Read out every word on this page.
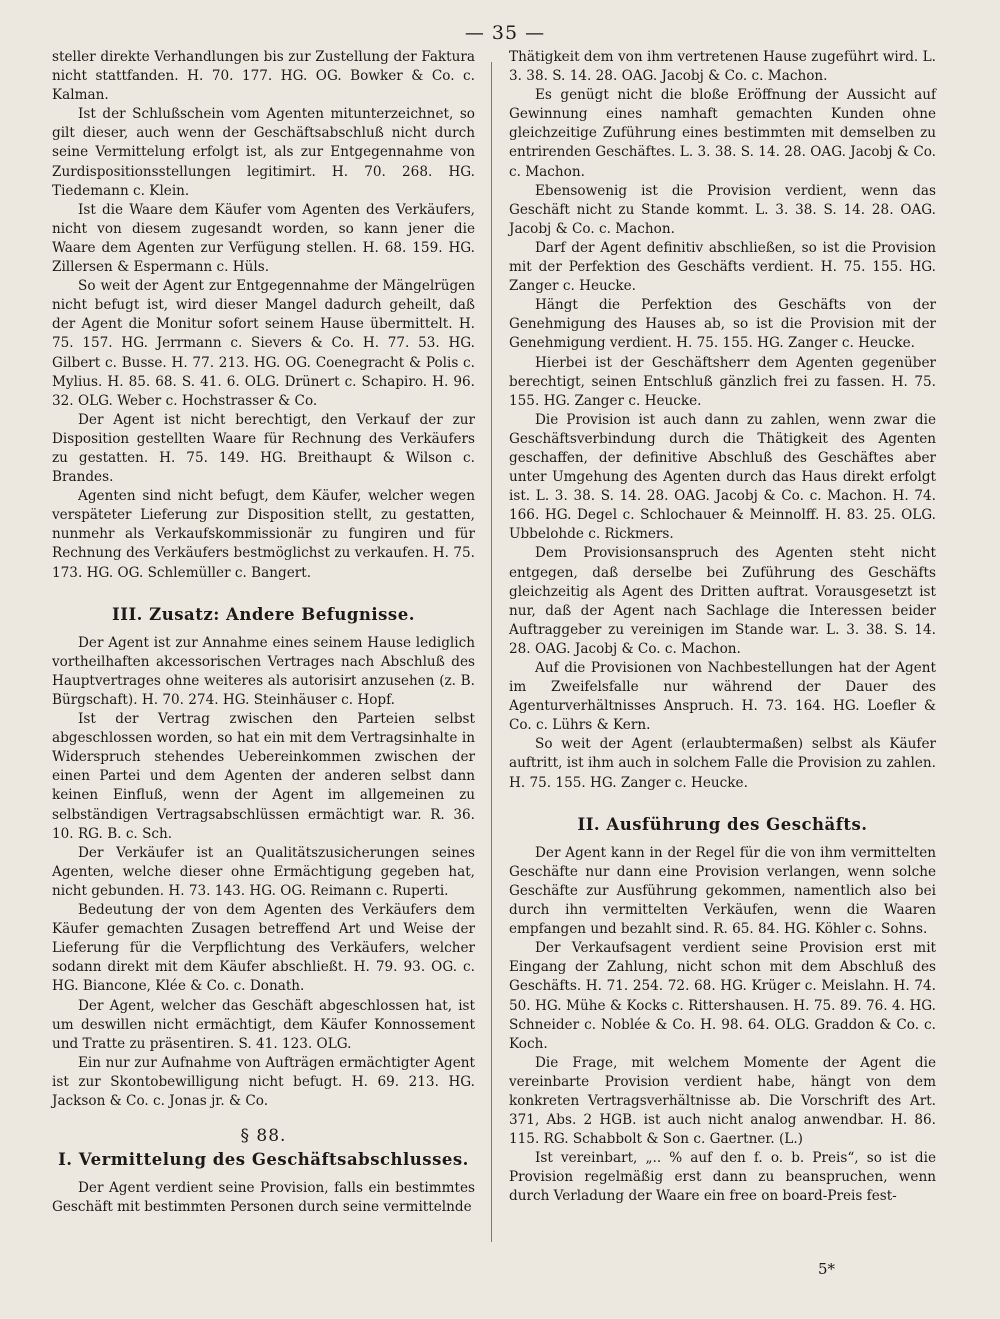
— 35 —

steller direkte Verhandlungen bis zur Zustellung der Faktura nicht stattfanden. H. 70. 177. HG. OG. Bowker & Co. c. Kalman.

Ist der Schlußschein vom Agenten mitunterzeichnet, so gilt dieser, auch wenn der Geschäftsabschluß nicht durch seine Vermittelung erfolgt ist, als zur Entgegennahme von Zurdispositionsstellungen legitimirt. H. 70. 268. HG. Tiedemann c. Klein.

Ist die Waare dem Käufer vom Agenten des Verkäufers, nicht von diesem zugesandt worden, so kann jener die Waare dem Agenten zur Verfügung stellen. H. 68. 159. HG. Zillersen & Espermann c. Hüls.

So weit der Agent zur Entgegennahme der Mängelrügen nicht befugt ist, wird dieser Mangel dadurch geheilt, daß der Agent die Monitur sofort seinem Hause übermittelt. H. 75. 157. HG. Jerrmann c. Sievers & Co. H. 77. 53. HG. Gilbert c. Busse. H. 77. 213. HG. OG. Coenegracht & Polis c. Mylius. H. 85. 68. S. 41. 6. OLG. Drünert c. Schapiro. H. 96. 32. OLG. Weber c. Hochstrasser & Co.

Der Agent ist nicht berechtigt, den Verkauf der zur Disposition gestellten Waare für Rechnung des Verkäufers zu gestatten. H. 75. 149. HG. Breithaupt & Wilson c. Brandes.

Agenten sind nicht befugt, dem Käufer, welcher wegen verspäteter Lieferung zur Disposition stellt, zu gestatten, nunmehr als Verkaufskommissionär zu fungiren und für Rechnung des Verkäufers bestmöglichst zu verkaufen. H. 75. 173. HG. OG. Schlemüller c. Bangert.

III. Zusatz: Andere Befugnisse.

Der Agent ist zur Annahme eines seinem Hause lediglich vortheilhaften akcessorischen Vertrages nach Abschluß des Hauptvertrages ohne weiteres als autorisirt anzusehen (z. B. Bürgschaft). H. 70. 274. HG. Steinhäuser c. Hopf.

Ist der Vertrag zwischen den Parteien selbst abgeschlossen worden, so hat ein mit dem Vertragsinhalte in Widerspruch stehendes Uebereinkommen zwischen der einen Partei und dem Agenten der anderen selbst dann keinen Einfluß, wenn der Agent im allgemeinen zu selbständigen Vertragsabschlüssen ermächtigt war. R. 36. 10. RG. B. c. Sch.

Der Verkäufer ist an Qualitätszusicherungen seines Agenten, welche dieser ohne Ermächtigung gegeben hat, nicht gebunden. H. 73. 143. HG. OG. Reimann c. Ruperti.

Bedeutung der von dem Agenten des Verkäufers dem Käufer gemachten Zusagen betreffend Art und Weise der Lieferung für die Verpflichtung des Verkäufers, welcher sodann direkt mit dem Käufer abschließt. H. 79. 93. OG. c. HG. Biancone, Klée & Co. c. Donath.

Der Agent, welcher das Geschäft abgeschlossen hat, ist um deswillen nicht ermächtigt, dem Käufer Konnossement und Tratte zu präsentiren. S. 41. 123. OLG.

Ein nur zur Aufnahme von Aufträgen ermächtigter Agent ist zur Skontobewilligung nicht befugt. H. 69. 213. HG. Jackson & Co. c. Jonas jr. & Co.

§ 88.
I. Vermittelung des Geschäftsabschlusses.

Der Agent verdient seine Provision, falls ein bestimmtes Geschäft mit bestimmten Personen durch seine vermittelnde

Thätigkeit dem von ihm vertretenen Hause zugeführt wird. L. 3. 38. S. 14. 28. OAG. Jacobj & Co. c. Machon.

Es genügt nicht die bloße Eröffnung der Aussicht auf Gewinnung eines namhaft gemachten Kunden ohne gleichzeitige Zuführung eines bestimmten mit demselben zu entrirenden Geschäftes. L. 3. 38. S. 14. 28. OAG. Jacobj & Co. c. Machon.

Ebensowenig ist die Provision verdient, wenn das Geschäft nicht zu Stande kommt. L. 3. 38. S. 14. 28. OAG. Jacobj & Co. c. Machon.

Darf der Agent definitiv abschließen, so ist die Provision mit der Perfektion des Geschäfts verdient. H. 75. 155. HG. Zanger c. Heucke.

Hängt die Perfektion des Geschäfts von der Genehmigung des Hauses ab, so ist die Provision mit der Genehmigung verdient. H. 75. 155. HG. Zanger c. Heucke.

Hierbei ist der Geschäftsherr dem Agenten gegenüber berechtigt, seinen Entschluß gänzlich frei zu fassen. H. 75. 155. HG. Zanger c. Heucke.

Die Provision ist auch dann zu zahlen, wenn zwar die Geschäftsverbindung durch die Thätigkeit des Agenten geschaffen, der definitive Abschluß des Geschäftes aber unter Umgehung des Agenten durch das Haus direkt erfolgt ist. L. 3. 38. S. 14. 28. OAG. Jacobj & Co. c. Machon. H. 74. 166. HG. Degel c. Schlochauer & Meinnolff. H. 83. 25. OLG. Ubbelohde c. Rickmers.

Dem Provisionsanspruch des Agenten steht nicht entgegen, daß derselbe bei Zuführung des Geschäfts gleichzeitig als Agent des Dritten auftrat. Vorausgesetzt ist nur, daß der Agent nach Sachlage die Interessen beider Auftraggeber zu vereinigen im Stande war. L. 3. 38. S. 14. 28. OAG. Jacobj & Co. c. Machon.

Auf die Provisionen von Nachbestellungen hat der Agent im Zweifelsfalle nur während der Dauer des Agenturverhältnisses Anspruch. H. 73. 164. HG. Loefler & Co. c. Lührs & Kern.

So weit der Agent (erlaubtermaßen) selbst als Käufer auftritt, ist ihm auch in solchem Falle die Provision zu zahlen. H. 75. 155. HG. Zanger c. Heucke.

II. Ausführung des Geschäfts.

Der Agent kann in der Regel für die von ihm vermittelten Geschäfte nur dann eine Provision verlangen, wenn solche Geschäfte zur Ausführung gekommen, namentlich also bei durch ihn vermittelten Verkäufen, wenn die Waaren empfangen und bezahlt sind. R. 65. 84. HG. Köhler c. Sohns.

Der Verkaufsagent verdient seine Provision erst mit Eingang der Zahlung, nicht schon mit dem Abschluß des Geschäfts. H. 71. 254. 72. 68. HG. Krüger c. Meislahn. H. 74. 50. HG. Mühe & Kocks c. Rittershausen. H. 75. 89. 76. 4. HG. Schneider c. Noblée & Co. H. 98. 64. OLG. Graddon & Co. c. Koch.

Die Frage, mit welchem Momente der Agent die vereinbarte Provision verdient habe, hängt von dem konkreten Vertragsverhältnisse ab. Die Vorschrift des Art. 371, Abs. 2 HGB. ist auch nicht analog anwendbar. H. 86. 115. RG. Schabbolt & Son c. Gaertner. (L.)

Ist vereinbart, „.. % auf den f. o. b. Preis“, so ist die Provision regelmäßig erst dann zu beanspruchen, wenn durch Verladung der Waare ein free on board-Preis fest-

5*
